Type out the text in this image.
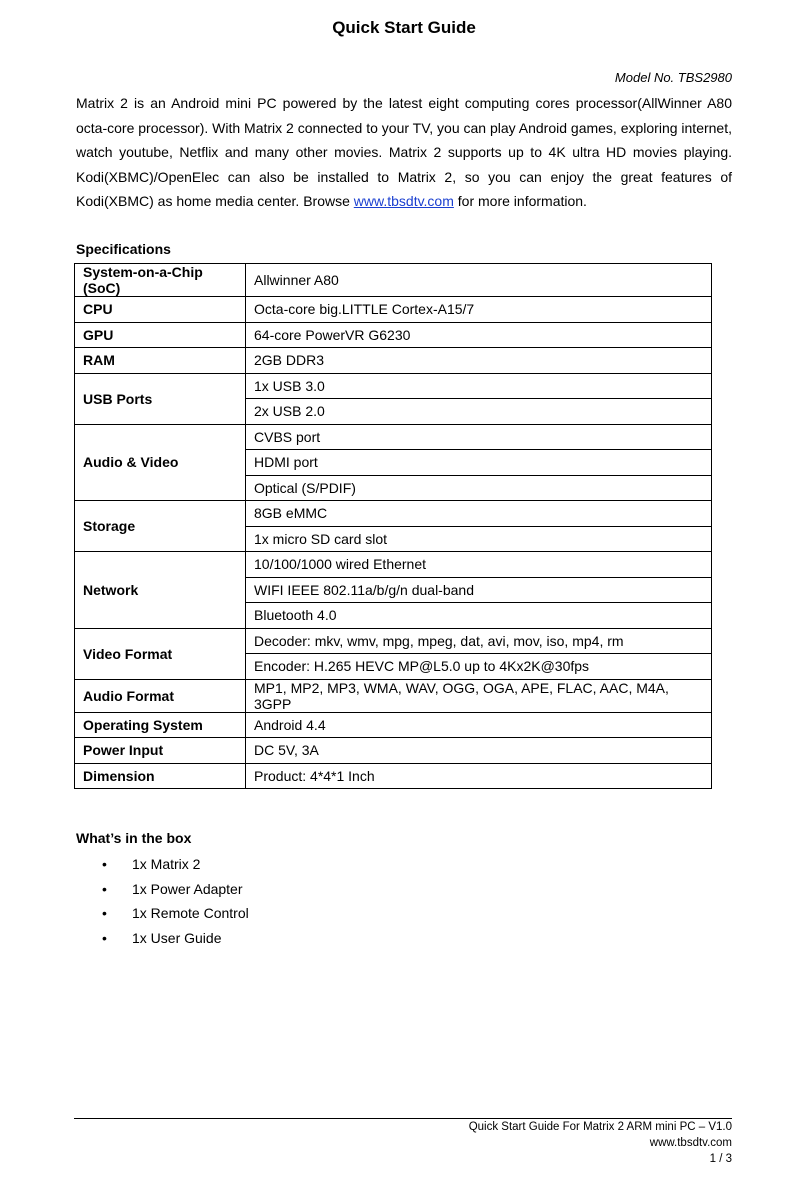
Quick Start Guide
Model No. TBS2980
Matrix 2 is an Android mini PC powered by the latest eight computing cores processor(AllWinner A80 octa-core processor). With Matrix 2 connected to your TV, you can play Android games, exploring internet, watch youtube, Netflix and many other movies. Matrix 2 supports up to 4K ultra HD movies playing. Kodi(XBMC)/OpenElec can also be installed to Matrix 2, so you can enjoy the great features of Kodi(XBMC) as home media center. Browse www.tbsdtv.com for more information.
Specifications
System-on-a-Chip (SoC)	Allwinner A80
CPU	Octa-core big.LITTLE Cortex-A15/7
GPU	64-core PowerVR G6230
RAM	2GB DDR3
USB Ports	1x USB 3.0
	2x USB 2.0
Audio & Video	CVBS port
	HDMI port
	Optical (S/PDIF)
Storage	8GB eMMC
	1x micro SD card slot
Network	10/100/1000 wired Ethernet
	WIFI IEEE 802.11a/b/g/n dual-band
	Bluetooth 4.0
Video Format	Decoder: mkv, wmv, mpg, mpeg, dat, avi, mov, iso, mp4, rm
	Encoder: H.265 HEVC MP@L5.0 up to 4Kx2K@30fps
Audio Format	MP1, MP2, MP3, WMA, WAV, OGG, OGA, APE, FLAC, AAC, M4A, 3GPP
Operating System	Android 4.4
Power Input	DC 5V, 3A
Dimension	Product: 4*4*1 Inch
What’s in the box
• 1x Matrix 2
• 1x Power Adapter
• 1x Remote Control
• 1x User Guide
Quick Start Guide For Matrix 2 ARM mini PC – V1.0
www.tbsdtv.com
1 / 3
